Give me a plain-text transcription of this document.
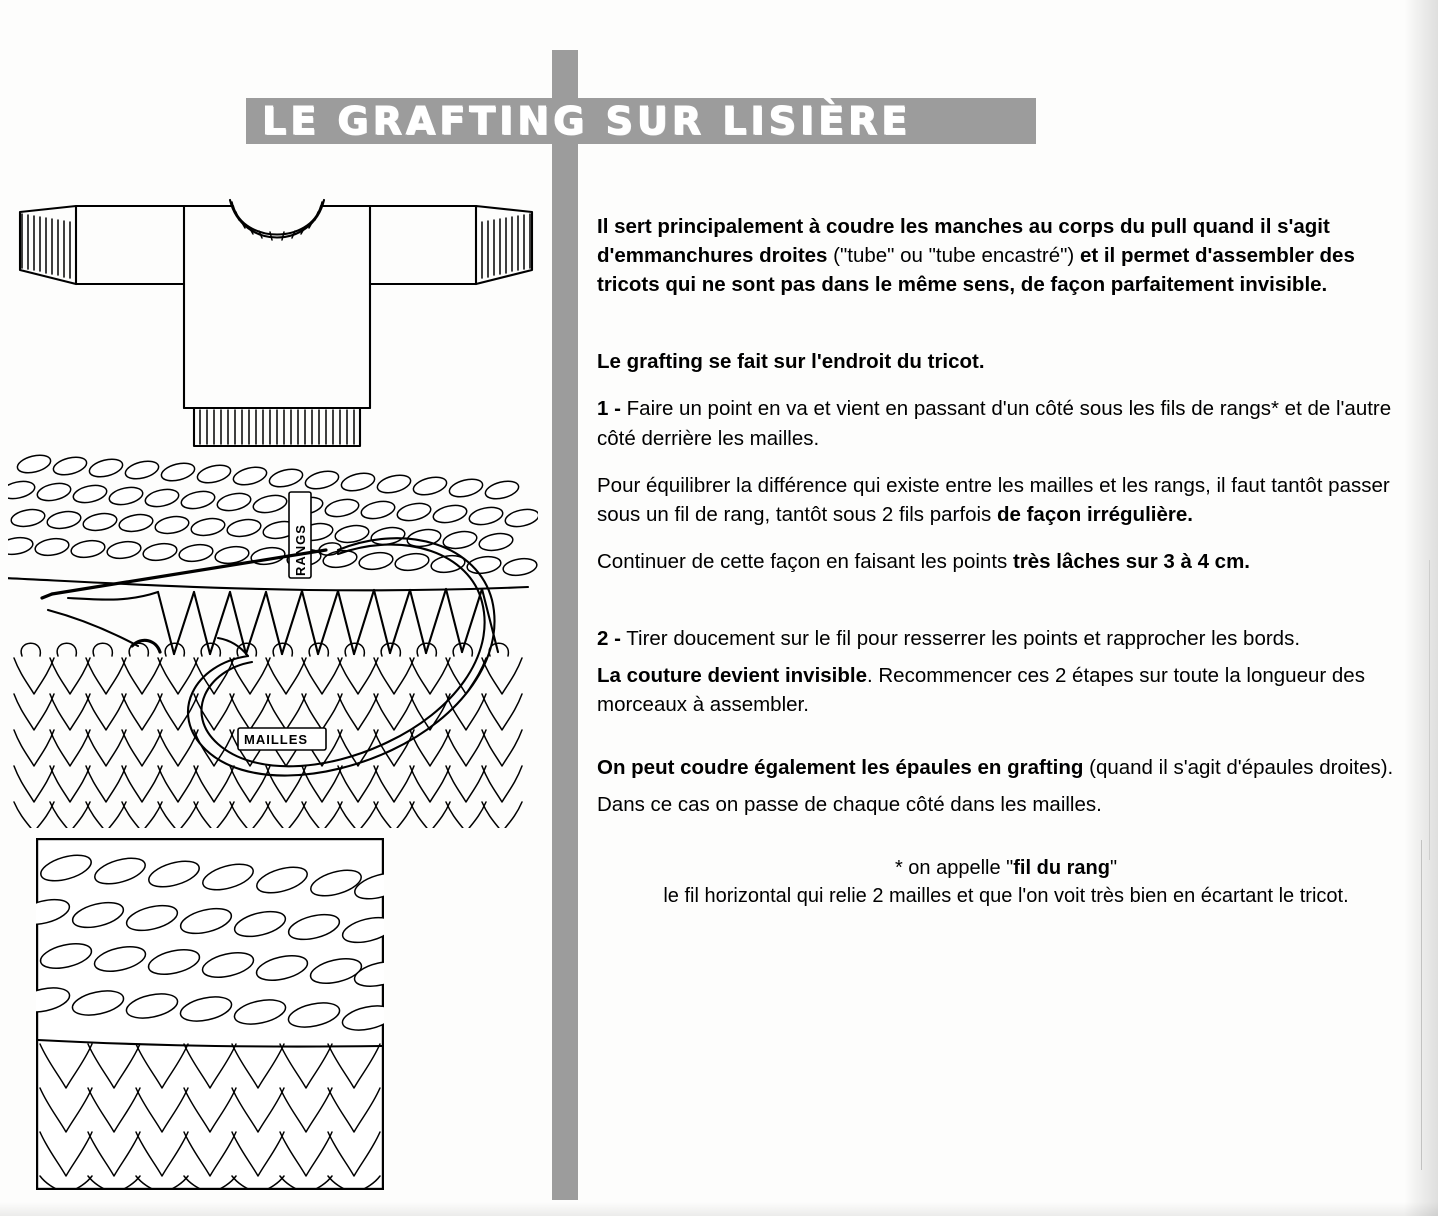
LE GRAFTING SUR LISIÈRE
RANGS
MAILLES

Il sert principalement à coudre les manches au corps du pull quand il s'agit d'emmanchures droites ("tube" ou "tube encastré") et il permet d'assembler des tricots qui ne sont pas dans le même sens, de façon parfaitement invisible.

Le grafting se fait sur l'endroit du tricot.

1 - Faire un point en va et vient en passant d'un côté sous les fils de rangs* et de l'autre côté derrière les mailles.

Pour équilibrer la différence qui existe entre les mailles et les rangs, il faut tantôt passer sous un fil de rang, tantôt sous 2 fils parfois de façon irrégulière.

Continuer de cette façon en faisant les points très lâches sur 3 à 4 cm.

2 - Tirer doucement sur le fil pour resserrer les points et rapprocher les bords.

La couture devient invisible. Recommencer ces 2 étapes sur toute la longueur des morceaux à assembler.

On peut coudre également les épaules en grafting (quand il s'agit d'épaules droites).

Dans ce cas on passe de chaque côté dans les mailles.

* on appelle "fil du rang"
le fil horizontal qui relie 2 mailles et que l'on voit très bien en écartant le tricot.
